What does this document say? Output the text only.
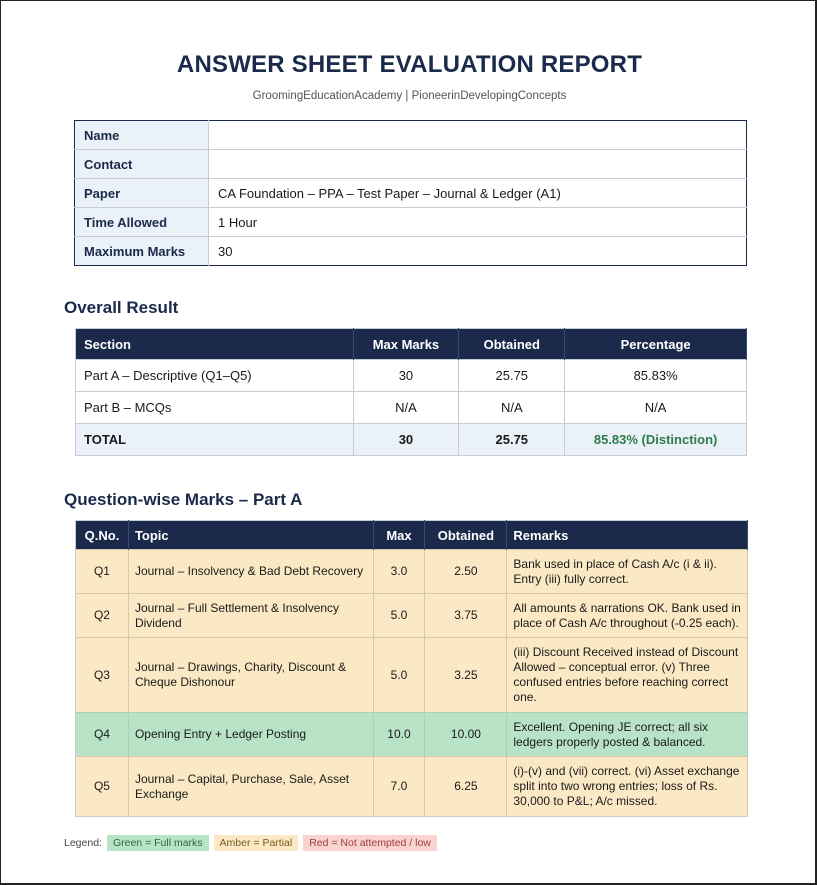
ANSWER SHEET EVALUATION REPORT
GroomingEducationAcademy | PioneerinDevelopingConcepts
Name	
Contact	
Paper	CA Foundation – PPA – Test Paper – Journal & Ledger (A1)
Time Allowed	1 Hour
Maximum Marks	30
Overall Result
Section	Max Marks	Obtained	Percentage
Part A – Descriptive (Q1–Q5)	30	25.75	85.83%
Part B – MCQs	N/A	N/A	N/A
TOTAL	30	25.75	85.83% (Distinction)
Question-wise Marks – Part A
Q.No.	Topic	Max	Obtained	Remarks
Q1	Journal – Insolvency & Bad Debt Recovery	3.0	2.50	Bank used in place of Cash A/c (i & ii). Entry (iii) fully correct.
Q2	Journal – Full Settlement & Insolvency Dividend	5.0	3.75	All amounts & narrations OK. Bank used in place of Cash A/c throughout (-0.25 each).
Q3	Journal – Drawings, Charity, Discount & Cheque Dishonour	5.0	3.25	(iii) Discount Received instead of Discount Allowed – conceptual error. (v) Three confused entries before reaching correct one.
Q4	Opening Entry + Ledger Posting	10.0	10.00	Excellent. Opening JE correct; all six ledgers properly posted & balanced.
Q5	Journal – Capital, Purchase, Sale, Asset Exchange	7.0	6.25	(i)-(v) and (vii) correct. (vi) Asset exchange split into two wrong entries; loss of Rs. 30,000 to P&L; A/c missed.
Legend:	Green = Full marks	Amber = Partial	Red = Not attempted / low
